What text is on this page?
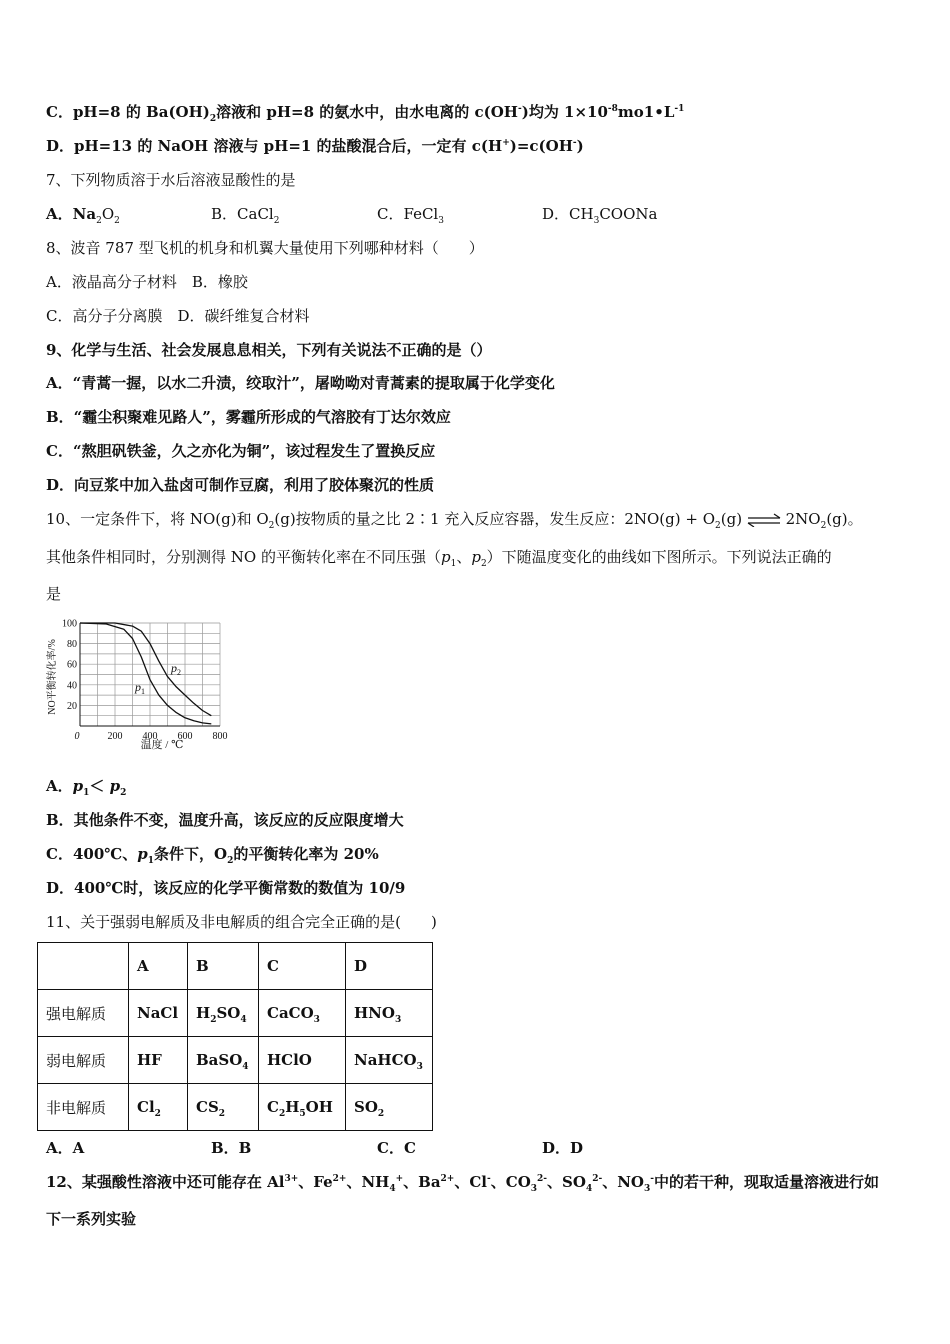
C．pH=8 的 $Ba(OH)_2$溶液和 pH=8 的氨水中，由水电离的 c(OH-)均为 $1\times 10^{-8}mo1•L^{-1}$
D．pH=13 的 NaOH 溶液与 pH=1 的盐酸混合后，一定有 c(H+)=c(OH-)
7、下列物质溶于水后溶液显酸性的是
A．$Na_2O_2$	B．CaCl$_2$	C．FeCl$_3$	D．$CH_3COONa$
8、波音 787 型飞机的机身和机翼大量使用下列哪种材料（　　）
A．液晶高分子材料　B．橡胶
C．高分子分离膜　D．碳纤维复合材料
9、化学与生活、社会发展息息相关，下列有关说法不正确的是（）
A．“青蒿一握，以水二升渍，绞取汁”，屠呦呦对青蒿素的提取属于化学变化
B．“霾尘积聚难见路人”，雾霾所形成的气溶胶有丁达尔效应
C．“熬胆矾铁釜，久之亦化为铜”，该过程发生了置换反应
D．向豆浆中加入盐卤可制作豆腐，利用了胶体聚沉的性质
10、一定条件下，将 NO(g)和 $O_2(g)$按物质的量之比 2∶1 充入反应容器，发生反应：$2NO(g) + O_2(g)$ ⇌ $2NO_2(g)$。
其他条件相同时，分别测得 NO 的平衡转化率在不同压强（$p_1$、$p_2$）下随温度变化的曲线如下图所示。下列说法正确的
是
0	200 400 600 800
20
40
60
80
100
温度 / ℃
NO平衡转化率/%	$p_1$
$p_2$
A．$p_1< p_2$
B．其他条件不变，温度升高，该反应的反应限度增大
C．400℃、$p_1$条件下，$O_2$的平衡转化率为 20%
D．400℃时，该反应的化学平衡常数的数值为 10/9
11、关于强弱电解质及非电解质的组合完全正确的是(　　)
	A	B	C	D
强电解质	NaCl	$H_2SO_4$	CaCO$_3$	$HNO_3$
弱电解质	HF	BaSO$_4$	HClO	NaHCO$_3$
非电解质	$Cl_2$	$CS_2$	$C_2H_5OH$	$SO_2$
A．A	B．B	C．C	D．D
12、某强酸性溶液中还可能存在 $Al^{3+}$、$Fe^{2+}$、$NH_4^+$、$Ba^{2+}$、Cl-、$CO_3^{2-}$、$SO_4^{2-}$、$NO_3^-$中的若干种，现取适量溶液进行如
下一系列实验
